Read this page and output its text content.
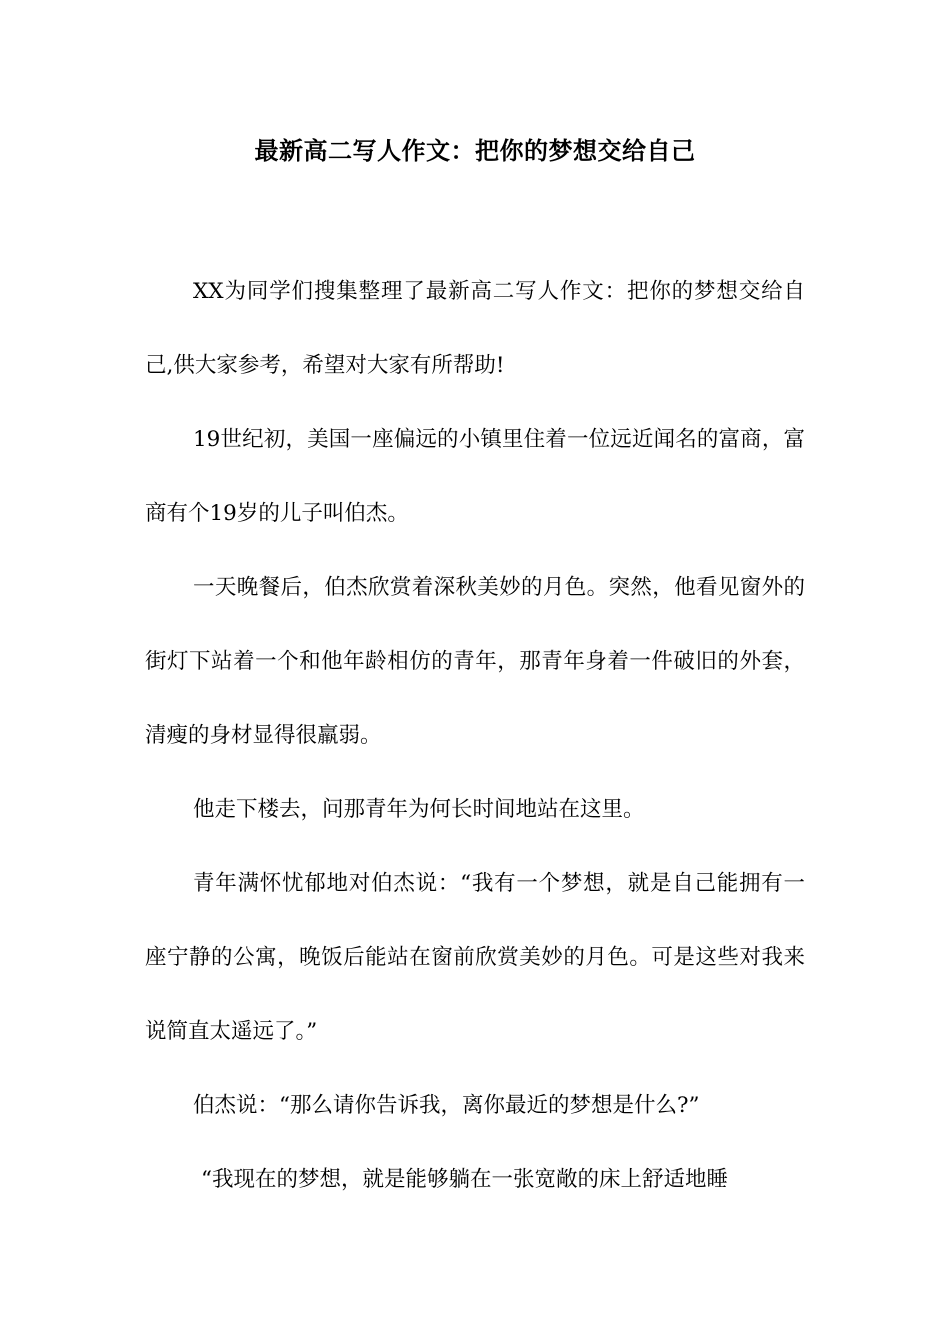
最新高二写人作文：把你的梦想交给自己

XX为同学们搜集整理了最新高二写人作文：把你的梦想交给自己,供大家参考，希望对大家有所帮助!

19世纪初，美国一座偏远的小镇里住着一位远近闻名的富商，富商有个19岁的儿子叫伯杰。

一天晚餐后，伯杰欣赏着深秋美妙的月色。突然，他看见窗外的街灯下站着一个和他年龄相仿的青年，那青年身着一件破旧的外套，清瘦的身材显得很羸弱。

他走下楼去，问那青年为何长时间地站在这里。

青年满怀忧郁地对伯杰说：“我有一个梦想，就是自己能拥有一座宁静的公寓，晚饭后能站在窗前欣赏美妙的月色。可是这些对我来说简直太遥远了。”

伯杰说：“那么请你告诉我，离你最近的梦想是什么?”

“我现在的梦想，就是能够躺在一张宽敞的床上舒适地睡
